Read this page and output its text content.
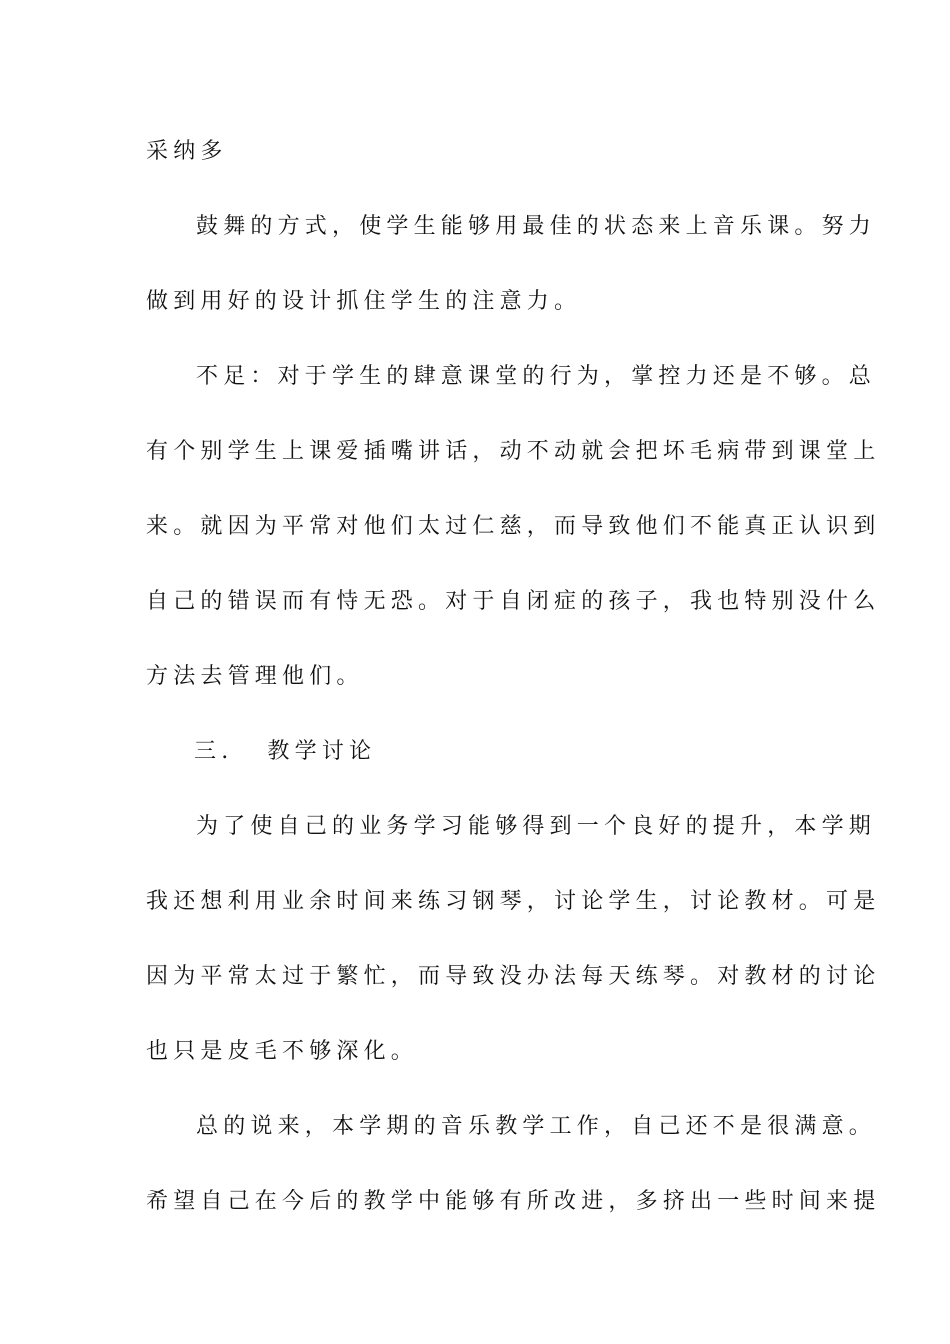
采纳多
鼓舞的方式，使学生能够用最佳的状态来上音乐课。努力
做到用好的设计抓住学生的注意力。
不足：对于学生的肆意课堂的行为，掌控力还是不够。总
有个别学生上课爱插嘴讲话，动不动就会把坏毛病带到课堂上
来。就因为平常对他们太过仁慈，而导致他们不能真正认识到
自己的错误而有恃无恐。对于自闭症的孩子，我也特别没什么
方法去管理他们。
三. 教学讨论
为了使自己的业务学习能够得到一个良好的提升，本学期
我还想利用业余时间来练习钢琴，讨论学生，讨论教材。可是
因为平常太过于繁忙，而导致没办法每天练琴。对教材的讨论
也只是皮毛不够深化。
总的说来，本学期的音乐教学工作，自己还不是很满意。
希望自己在今后的教学中能够有所改进，多挤出一些时间来提
